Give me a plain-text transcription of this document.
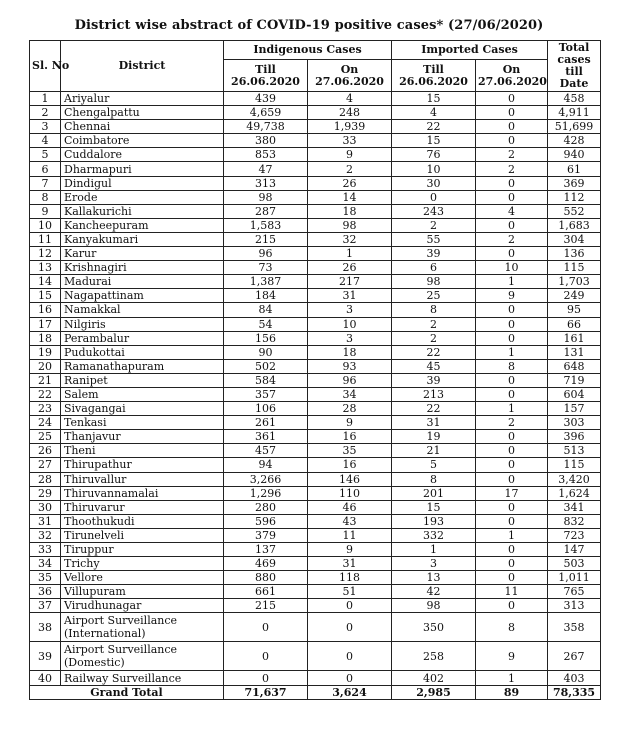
District wise abstract of COVID-19 positive cases* (27/06/2020)
Sl. No	District	Indigenous Cases		Imported Cases		Total cases till Date
		Till 26.06.2020	On 27.06.2020	Till 26.06.2020	On 27.06.2020	
1	Ariyalur	439	4	15	0	458
2	Chengalpattu	4,659	248	4	0	4,911
3	Chennai	49,738	1,939	22	0	51,699
4	Coimbatore	380	33	15	0	428
5	Cuddalore	853	9	76	2	940
6	Dharmapuri	47	2	10	2	61
7	Dindigul	313	26	30	0	369
8	Erode	98	14	0	0	112
9	Kallakurichi	287	18	243	4	552
10	Kancheepuram	1,583	98	2	0	1,683
11	Kanyakumari	215	32	55	2	304
12	Karur	96	1	39	0	136
13	Krishnagiri	73	26	6	10	115
14	Madurai	1,387	217	98	1	1,703
15	Nagapattinam	184	31	25	9	249
16	Namakkal	84	3	8	0	95
17	Nilgiris	54	10	2	0	66
18	Perambalur	156	3	2	0	161
19	Pudukottai	90	18	22	1	131
20	Ramanathapuram	502	93	45	8	648
21	Ranipet	584	96	39	0	719
22	Salem	357	34	213	0	604
23	Sivagangai	106	28	22	1	157
24	Tenkasi	261	9	31	2	303
25	Thanjavur	361	16	19	0	396
26	Theni	457	35	21	0	513
27	Thirupathur	94	16	5	0	115
28	Thiruvallur	3,266	146	8	0	3,420
29	Thiruvannamalai	1,296	110	201	17	1,624
30	Thiruvarur	280	46	15	0	341
31	Thoothukudi	596	43	193	0	832
32	Tirunelveli	379	11	332	1	723
33	Tiruppur	137	9	1	0	147
34	Trichy	469	31	3	0	503
35	Vellore	880	118	13	0	1,011
36	Villupuram	661	51	42	11	765
37	Virudhunagar	215	0	98	0	313
38	Airport Surveillance (International)	0	0	350	8	358
39	Airport Surveillance (Domestic)	0	0	258	9	267
40	Railway Surveillance	0	0	402	1	403
Grand Total		71,637	3,624	2,985	89	78,335
